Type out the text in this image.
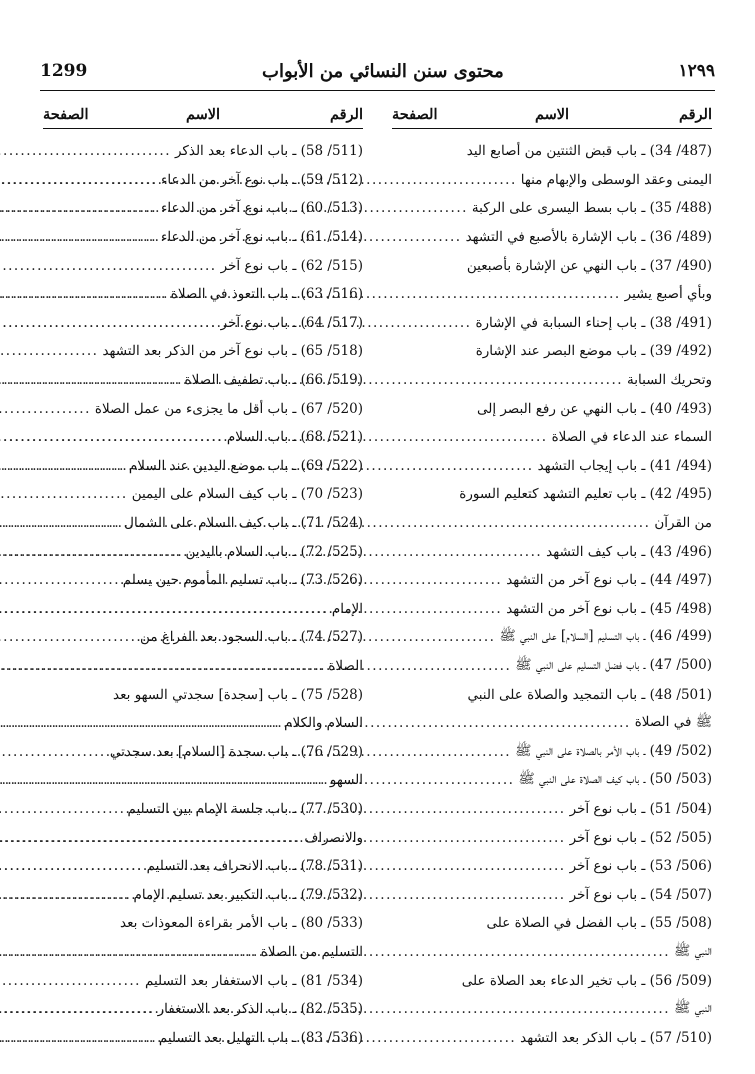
1299	محتوى سنن النسائي من الأبواب	١٢٩٩
الرقم
الاسم
الصفحة
(487/ 34) ـ باب قبض الثنتين من أصابع اليد
اليمنى وعقد الوسطى والإبهام منها
.....
(488/ 35) ـ باب بسط اليسرى على الركبة
.....
(489/ 36) ـ باب الإشارة بالأصبع في التشهد
.....
(490/ 37) ـ باب النهي عن الإشارة بأصبعين
وبأي أصبع يشير
.....
(491/ 38) ـ باب إحناء السبابة في الإشارة
.....
(492/ 39) ـ باب موضع البصر عند الإشارة
وتحريك السبابة
.....
(493/ 40) ـ باب النهي عن رفع البصر إلى
السماء عند الدعاء في الصلاة
.....
(494/ 41) ـ باب إيجاب التشهد
.....
(495/ 42) ـ باب تعليم التشهد كتعليم السورة
من القرآن
.....
(496/ 43) ـ باب كيف التشهد
.....
(497/ 44) ـ باب نوع آخر من التشهد
.....
(498/ 45) ـ باب نوع آخر من التشهد
.....
(499/ 46) ـ باب التسليم [السلام] على النبي ﷺ
.....
(500/ 47) ـ باب فضل التسليم على النبي ﷺ
.....
(501/ 48) ـ باب التمجيد والصلاة على النبي
ﷺ في الصلاة
.....
(502/ 49) ـ باب الأمر بالصلاة على النبي ﷺ
.....
(503/ 50) ـ باب كيف الصلاة على النبي ﷺ
.....
(504/ 51) ـ باب نوع آخر
.....
(505/ 52) ـ باب نوع آخر
.....
(506/ 53) ـ باب نوع آخر
.....
(507/ 54) ـ باب نوع آخر
.....
(508/ 55) ـ باب الفضل في الصلاة على
النبي ﷺ
.....
(509/ 56) ـ باب تخير الدعاء بعد الصلاة على
النبي ﷺ
.....
(510/ 57) ـ باب الذكر بعد التشهد
.....
الرقم
الاسم
الصفحة
(511/ 58) ـ باب الدعاء بعد الذكر
.....
(512/ 59) ـ باب نوع آخر من الدعاء
.....
(513/ 60) ـ باب نوع آخر من الدعاء
.....
(514/ 61) ـ باب نوع آخر من الدعاء
.....
(515/ 62) ـ باب نوع آخر
.....
(516/ 63) ـ باب التعوذ في الصلاة
.....
(517/ 64) ـ باب نوع آخر
.....
(518/ 65) ـ باب نوع آخر من الذكر بعد التشهد
.....
(519/ 66) ـ باب تطفيف الصلاة
.....
(520/ 67) ـ باب أقل ما يجزىء من عمل الصلاة
.....
(521/ 68) ـ باب السلام
.....
(522/ 69) ـ باب موضع اليدين عند السلام
.....
(523/ 70) ـ باب كيف السلام على اليمين
.....
(524/ 71) ـ باب كيف السلام على الشمال
.....
(525/ 72) ـ باب السلام باليدين
.....
(526/ 73) ـ باب تسليم المأموم حين يسلم
الإمام
.....
(527/ 74) ـ باب السجود بعد الفراغ من
الصلاة
.....
(528/ 75) ـ باب [سجدة] سجدتي السهو بعد
السلام والكلام
.....
(529/ 76) ـ باب سجدة [السلام] بعد سجدتي
السهو
.....
(530/ 77) ـ باب جلسة الإمام بين التسليم
والانصراف
.....
(531/ 78) ـ باب الانحراف بعد التسليم
.....
(532/ 79) ـ باب التكبير بعد تسليم الإمام
.....
(533/ 80) ـ باب الأمر بقراءة المعوذات بعد
التسليم من الصلاة
.....
(534/ 81) ـ باب الاستغفار بعد التسليم
.....
(535/ 82) ـ باب الذكر بعد الاستغفار
.....
(536/ 83) ـ باب التهليل بعد التسليم
.....
